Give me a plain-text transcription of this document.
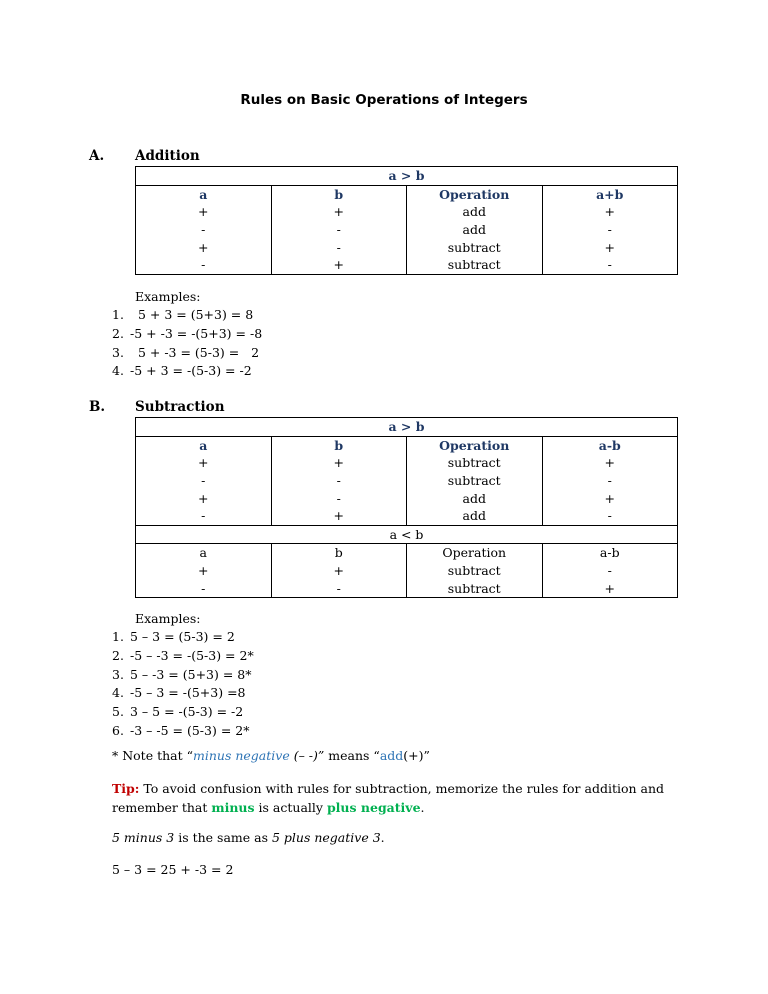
Rules on Basic Operations of Integers
A. Addition
a > b			
a	b	Operation	a+b
+	+	add	+
-	-	add	-
+	-	subtract	+
-	+	subtract	-
Examples:
1.  5 + 3 = (5+3) = 8
2. -5 + -3 = -(5+3) = -8
3.  5 + -3 = (5-3) =   2
4. -5 + 3 = -(5-3) = -2
B. Subtraction
a > b			
a	b	Operation	a-b
+	+	subtract	+
-	-	subtract	-
+	-	add	+
-	+	add	-
a < b			
a	b	Operation	a-b
+	+	subtract	-
-	-	subtract	+
Examples:
1. 5 – 3 = (5-3) = 2
2. -5 – -3 = -(5-3) = 2*
3. 5 – -3 = (5+3) = 8*
4. -5 – 3 = -(5+3) =8
5. 3 – 5 = -(5-3) = -2
6. -3 – -5 = (5-3) = 2*
* Note that “minus negative (– -)” means “add(+)”
Tip: To avoid confusion with rules for subtraction, memorize the rules for addition and remember that minus is actually plus negative.
5 minus 3 is the same as 5 plus negative 3.
5 – 3 = 25 + -3 = 2
